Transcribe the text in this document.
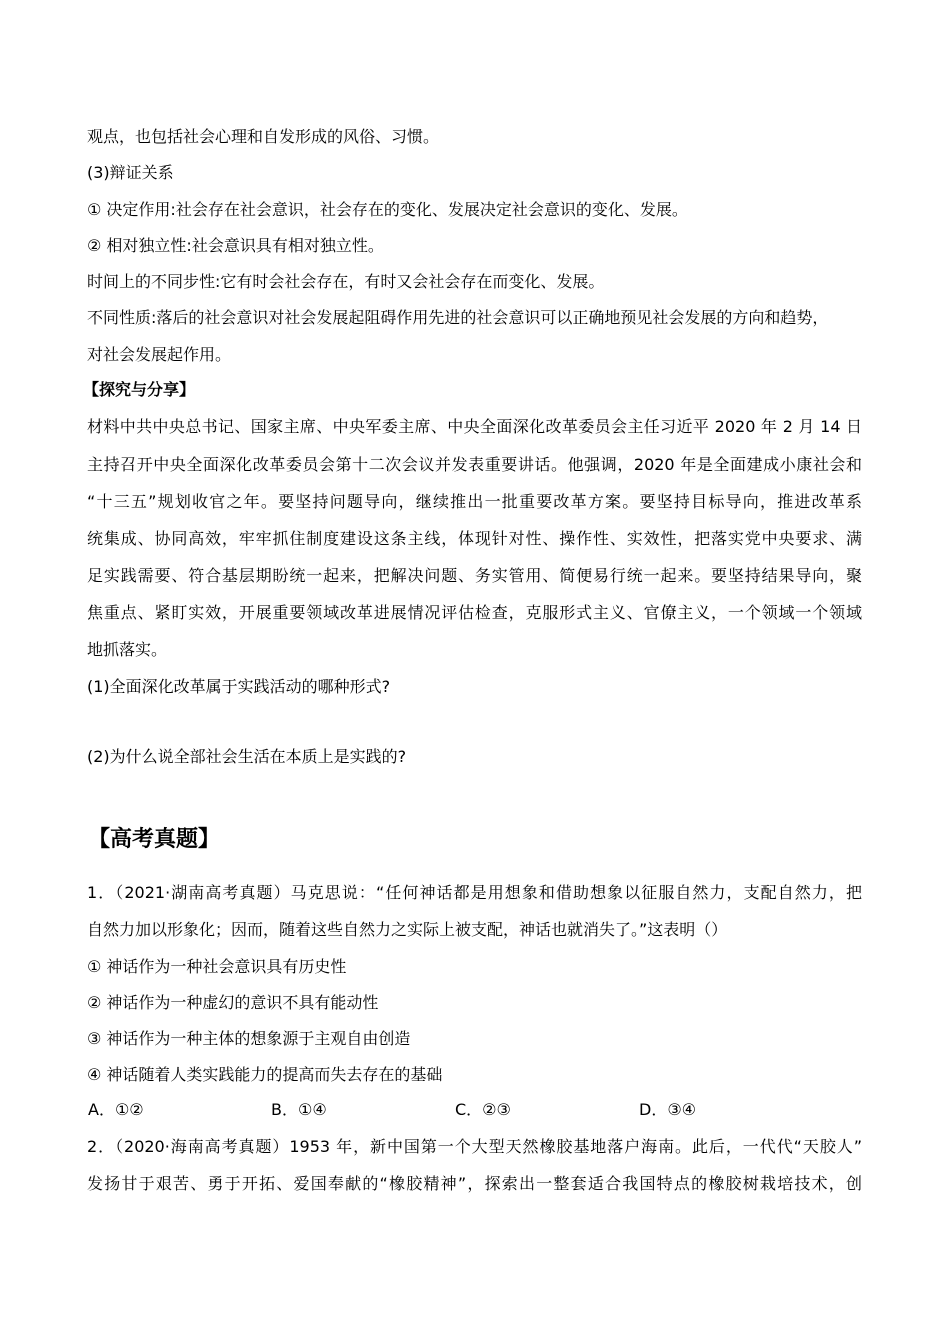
观点，也包括社会心理和自发形成的风俗、习惯。
(3)辩证关系
① 决定作用:社会存在社会意识，社会存在的变化、发展决定社会意识的变化、发展。
② 相对独立性:社会意识具有相对独立性。
时间上的不同步性:它有时会社会存在，有时又会社会存在而变化、发展。
不同性质:落后的社会意识对社会发展起阻碍作用先进的社会意识可以正确地预见社会发展的方向和趋势，
对社会发展起作用。
【探究与分享】
材料中共中央总书记、国家主席、中央军委主席、中央全面深化改革委员会主任习近平 2020 年 2 月 14 日
主持召开中央全面深化改革委员会第十二次会议并发表重要讲话。他强调，2020 年是全面建成小康社会和
“十三五”规划收官之年。要坚持问题导向，继续推出一批重要改革方案。要坚持目标导向，推进改革系
统集成、协同高效，牢牢抓住制度建设这条主线，体现针对性、操作性、实效性，把落实党中央要求、满
足实践需要、符合基层期盼统一起来，把解决问题、务实管用、简便易行统一起来。要坚持结果导向，聚
焦重点、紧盯实效，开展重要领域改革进展情况评估检查，克服形式主义、官僚主义，一个领域一个领域
地抓落实。
(1)全面深化改革属于实践活动的哪种形式?
(2)为什么说全部社会生活在本质上是实践的?
【高考真题】
1．（2021·湖南高考真题）马克思说：“任何神话都是用想象和借助想象以征服自然力，支配自然力，把
自然力加以形象化；因而，随着这些自然力之实际上被支配，神话也就消失了。”这表明（）
① 神话作为一种社会意识具有历史性
② 神话作为一种虚幻的意识不具有能动性
③ 神话作为一种主体的想象源于主观自由创造
④ 神话随着人类实践能力的提高而失去存在的基础
A．①②	B．①④	C．②③	D．③④
2．（2020·海南高考真题）1953 年，新中国第一个大型天然橡胶基地落户海南。此后，一代代“天胶人”
发扬甘于艰苦、勇于开拓、爱国奉献的“橡胶精神”，探索出一整套适合我国特点的橡胶树栽培技术，创
